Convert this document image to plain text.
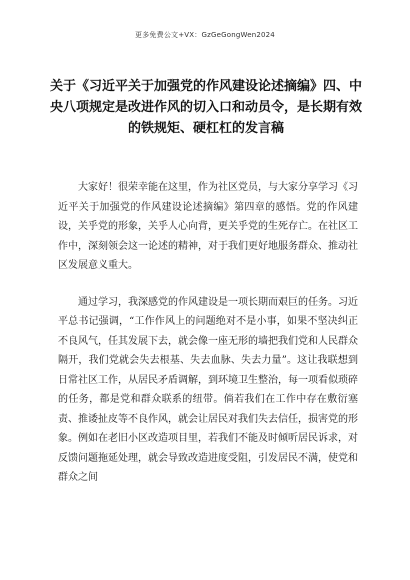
更多免费公文+VX：GzGeGongWen2024
关于《习近平关于加强党的作风建设论述摘编》四、中央八项规定是改进作风的切入口和动员令，是长期有效的铁规矩、硬杠杠的发言稿

大家好！很荣幸能在这里，作为社区党员，与大家分享学习《习近平关于加强党的作风建设论述摘编》第四章的感悟。党的作风建设，关乎党的形象，关乎人心向背，更关乎党的生死存亡。在社区工作中，深刻领会这一论述的精神，对于我们更好地服务群众、推动社区发展意义重大。

通过学习，我深感党的作风建设是一项长期而艰巨的任务。习近平总书记强调，“工作作风上的问题绝对不是小事，如果不坚决纠正不良风气，任其发展下去，就会像一座无形的墙把我们党和人民群众隔开，我们党就会失去根基、失去血脉、失去力量”。这让我联想到日常社区工作，从居民矛盾调解，到环境卫生整治，每一项看似琐碎的任务，都是党和群众联系的纽带。倘若我们在工作中存在敷衍塞责、推诿扯皮等不良作风，就会让居民对我们失去信任，损害党的形象。例如在老旧小区改造项目里，若我们不能及时倾听居民诉求，对反馈问题拖延处理，就会导致改造进度受阻，引发居民不满，使党和群众之间
